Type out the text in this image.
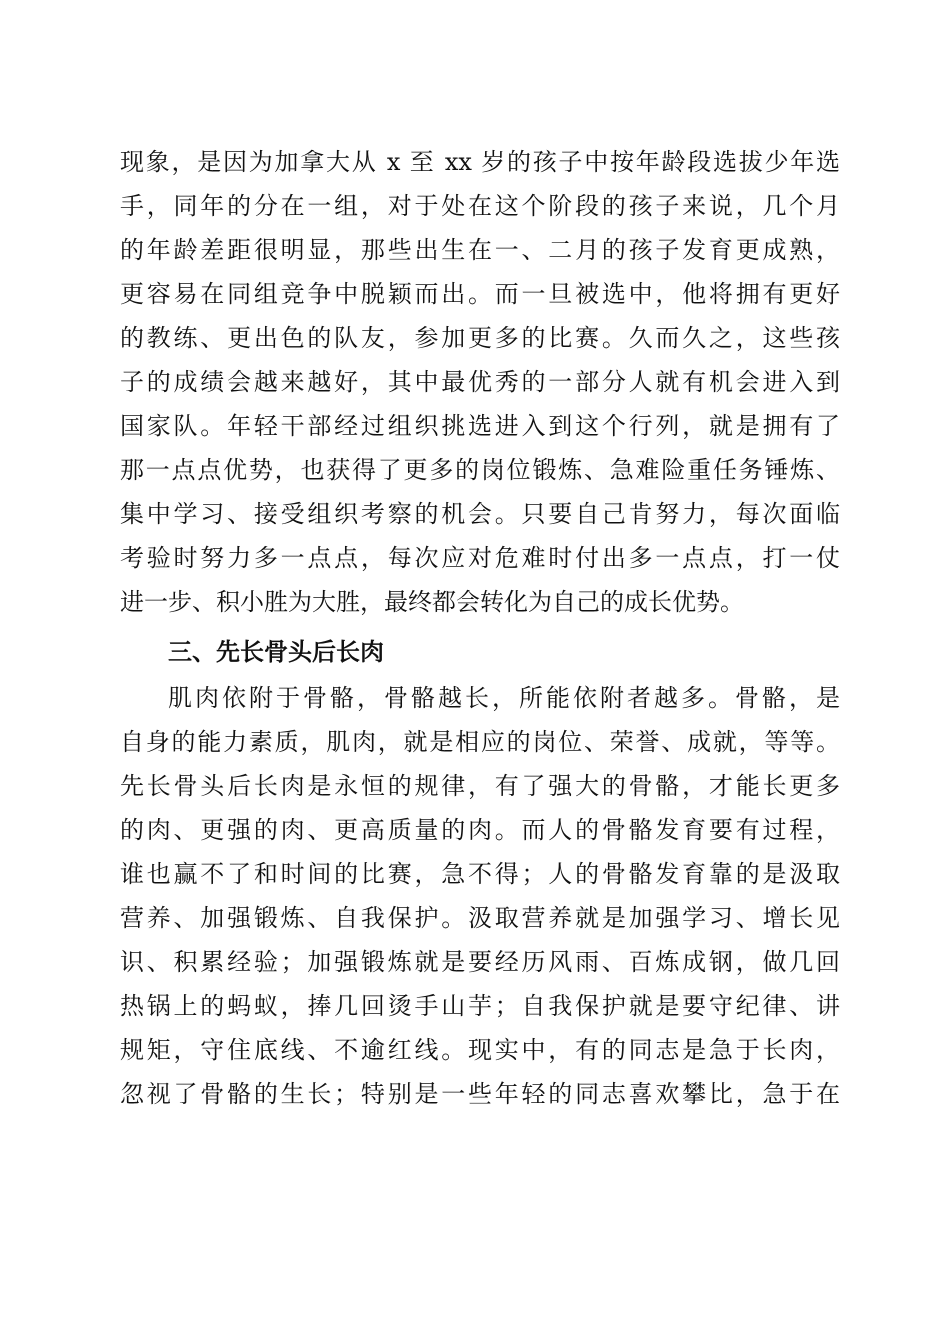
现象，是因为加拿大从 x 至 xx 岁的孩子中按年龄段选拔少年选
手，同年的分在一组，对于处在这个阶段的孩子来说，几个月
的年龄差距很明显，那些出生在一、二月的孩子发育更成熟，
更容易在同组竞争中脱颖而出。而一旦被选中，他将拥有更好
的教练、更出色的队友，参加更多的比赛。久而久之，这些孩
子的成绩会越来越好，其中最优秀的一部分人就有机会进入到
国家队。年轻干部经过组织挑选进入到这个行列，就是拥有了
那一点点优势，也获得了更多的岗位锻炼、急难险重任务锤炼、
集中学习、接受组织考察的机会。只要自己肯努力，每次面临
考验时努力多一点点，每次应对危难时付出多一点点，打一仗
进一步、积小胜为大胜，最终都会转化为自己的成长优势。
三、先长骨头后长肉
肌肉依附于骨骼，骨骼越长，所能依附者越多。骨骼，是
自身的能力素质，肌肉，就是相应的岗位、荣誉、成就，等等。
先长骨头后长肉是永恒的规律，有了强大的骨骼，才能长更多
的肉、更强的肉、更高质量的肉。而人的骨骼发育要有过程，
谁也赢不了和时间的比赛，急不得；人的骨骼发育靠的是汲取
营养、加强锻炼、自我保护。汲取营养就是加强学习、增长见
识、积累经验；加强锻炼就是要经历风雨、百炼成钢，做几回
热锅上的蚂蚁，捧几回烫手山芋；自我保护就是要守纪律、讲
规矩，守住底线、不逾红线。现实中，有的同志是急于长肉，
忽视了骨骼的生长；特别是一些年轻的同志喜欢攀比，急于在
